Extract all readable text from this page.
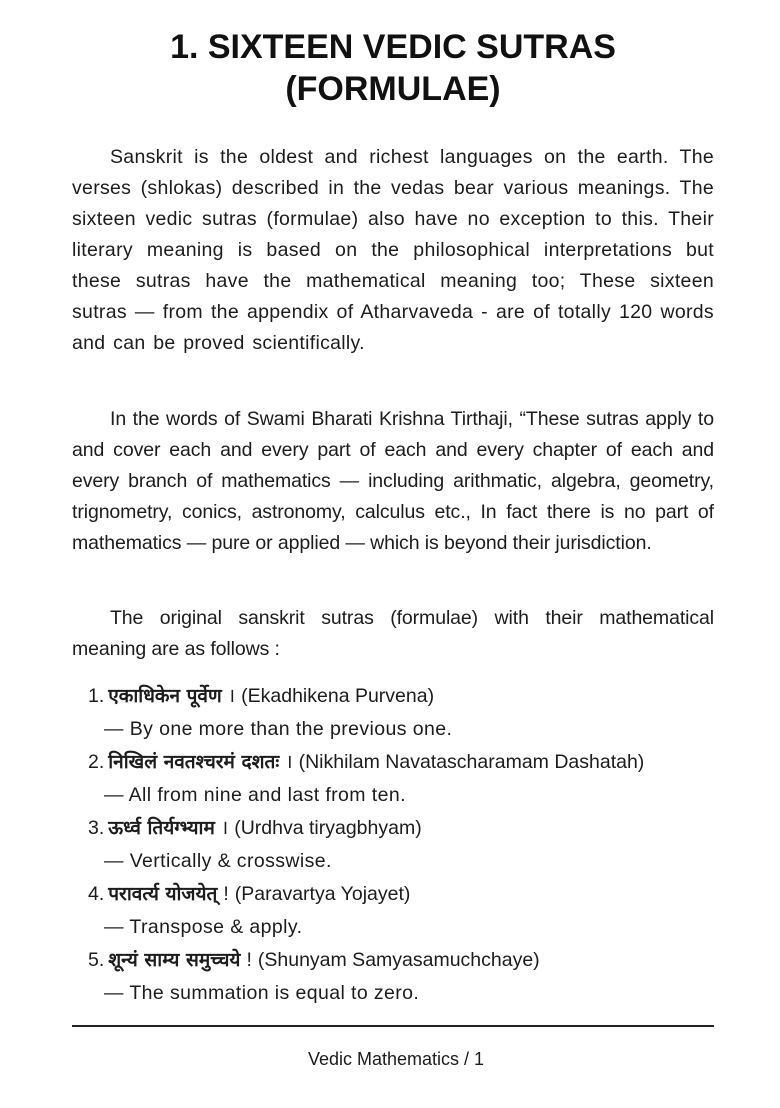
1. SIXTEEN VEDIC SUTRAS
(FORMULAE)

Sanskrit is the oldest and richest languages on the earth. The verses (shlokas) described in the vedas bear various meanings. The sixteen vedic sutras (formulae) also have no exception to this. Their literary meaning is based on the philosophical interpretations but these sutras have the mathematical meaning too; These sixteen sutras — from the appendix of Atharvaveda - are of totally 120 words and can be proved scientifically.

In the words of Swami Bharati Krishna Tirthaji, “These sutras apply to and cover each and every part of each and every chapter of each and every branch of mathematics — including arithmatic, algebra, geometry, trignometry, conics, astronomy, calculus etc., In fact there is no part of mathematics — pure or applied — which is beyond their jurisdiction.

The original sanskrit sutras (formulae) with their mathematical meaning are as follows :

1. एकाधिकेन पूर्वेण । (Ekadhikena Purvena)
— By one more than the previous one.
2. निखिलं नवतश्चरमं दशतः । (Nikhilam Navatascharamam Dashatah)
— All from nine and last from ten.
3. ऊर्ध्व तिर्यग्भ्याम । (Urdhva tiryagbhyam)
— Vertically & crosswise.
4. परावर्त्य योजयेत् ! (Paravartya Yojayet)
— Transpose & apply.
5. शून्यं साम्य समुच्चये ! (Shunyam Samyasamuchchaye)
— The summation is equal to zero.
Vedic Mathematics / 1
